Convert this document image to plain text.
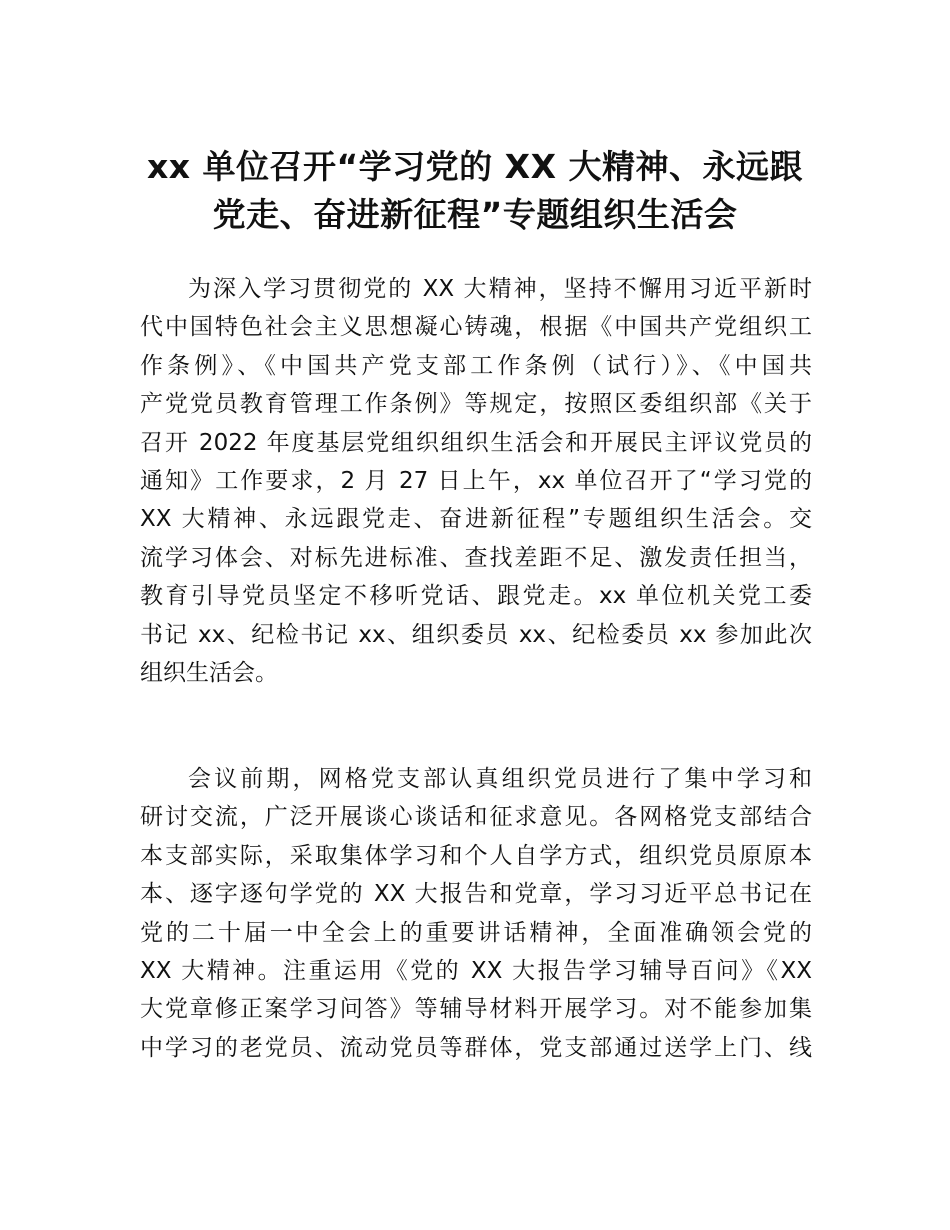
xx 单位召开“学习党的 XX 大精神、永远跟
党走、奋进新征程”专题组织生活会

为深入学习贯彻党的 XX 大精神，坚持不懈用习近平新时
代中国特色社会主义思想凝心铸魂，根据《中国共产党组织工
作条例》、《中国共产党支部工作条例（试行）》、《中国共
产党党员教育管理工作条例》等规定，按照区委组织部《关于
召开 2022 年度基层党组织组织生活会和开展民主评议党员的
通知》工作要求，2 月 27 日上午，xx 单位召开了“学习党的
XX 大精神、永远跟党走、奋进新征程”专题组织生活会。交
流学习体会、对标先进标准、查找差距不足、激发责任担当，
教育引导党员坚定不移听党话、跟党走。xx 单位机关党工委
书记 xx、纪检书记 xx、组织委员 xx、纪检委员 xx 参加此次
组织生活会。

会议前期，网格党支部认真组织党员进行了集中学习和
研讨交流，广泛开展谈心谈话和征求意见。各网格党支部结合
本支部实际，采取集体学习和个人自学方式，组织党员原原本
本、逐字逐句学党的 XX 大报告和党章，学习习近平总书记在
党的二十届一中全会上的重要讲话精神，全面准确领会党的
XX 大精神。注重运用《党的 XX 大报告学习辅导百问》《XX
大党章修正案学习问答》等辅导材料开展学习。对不能参加集
中学习的老党员、流动党员等群体，党支部通过送学上门、线
